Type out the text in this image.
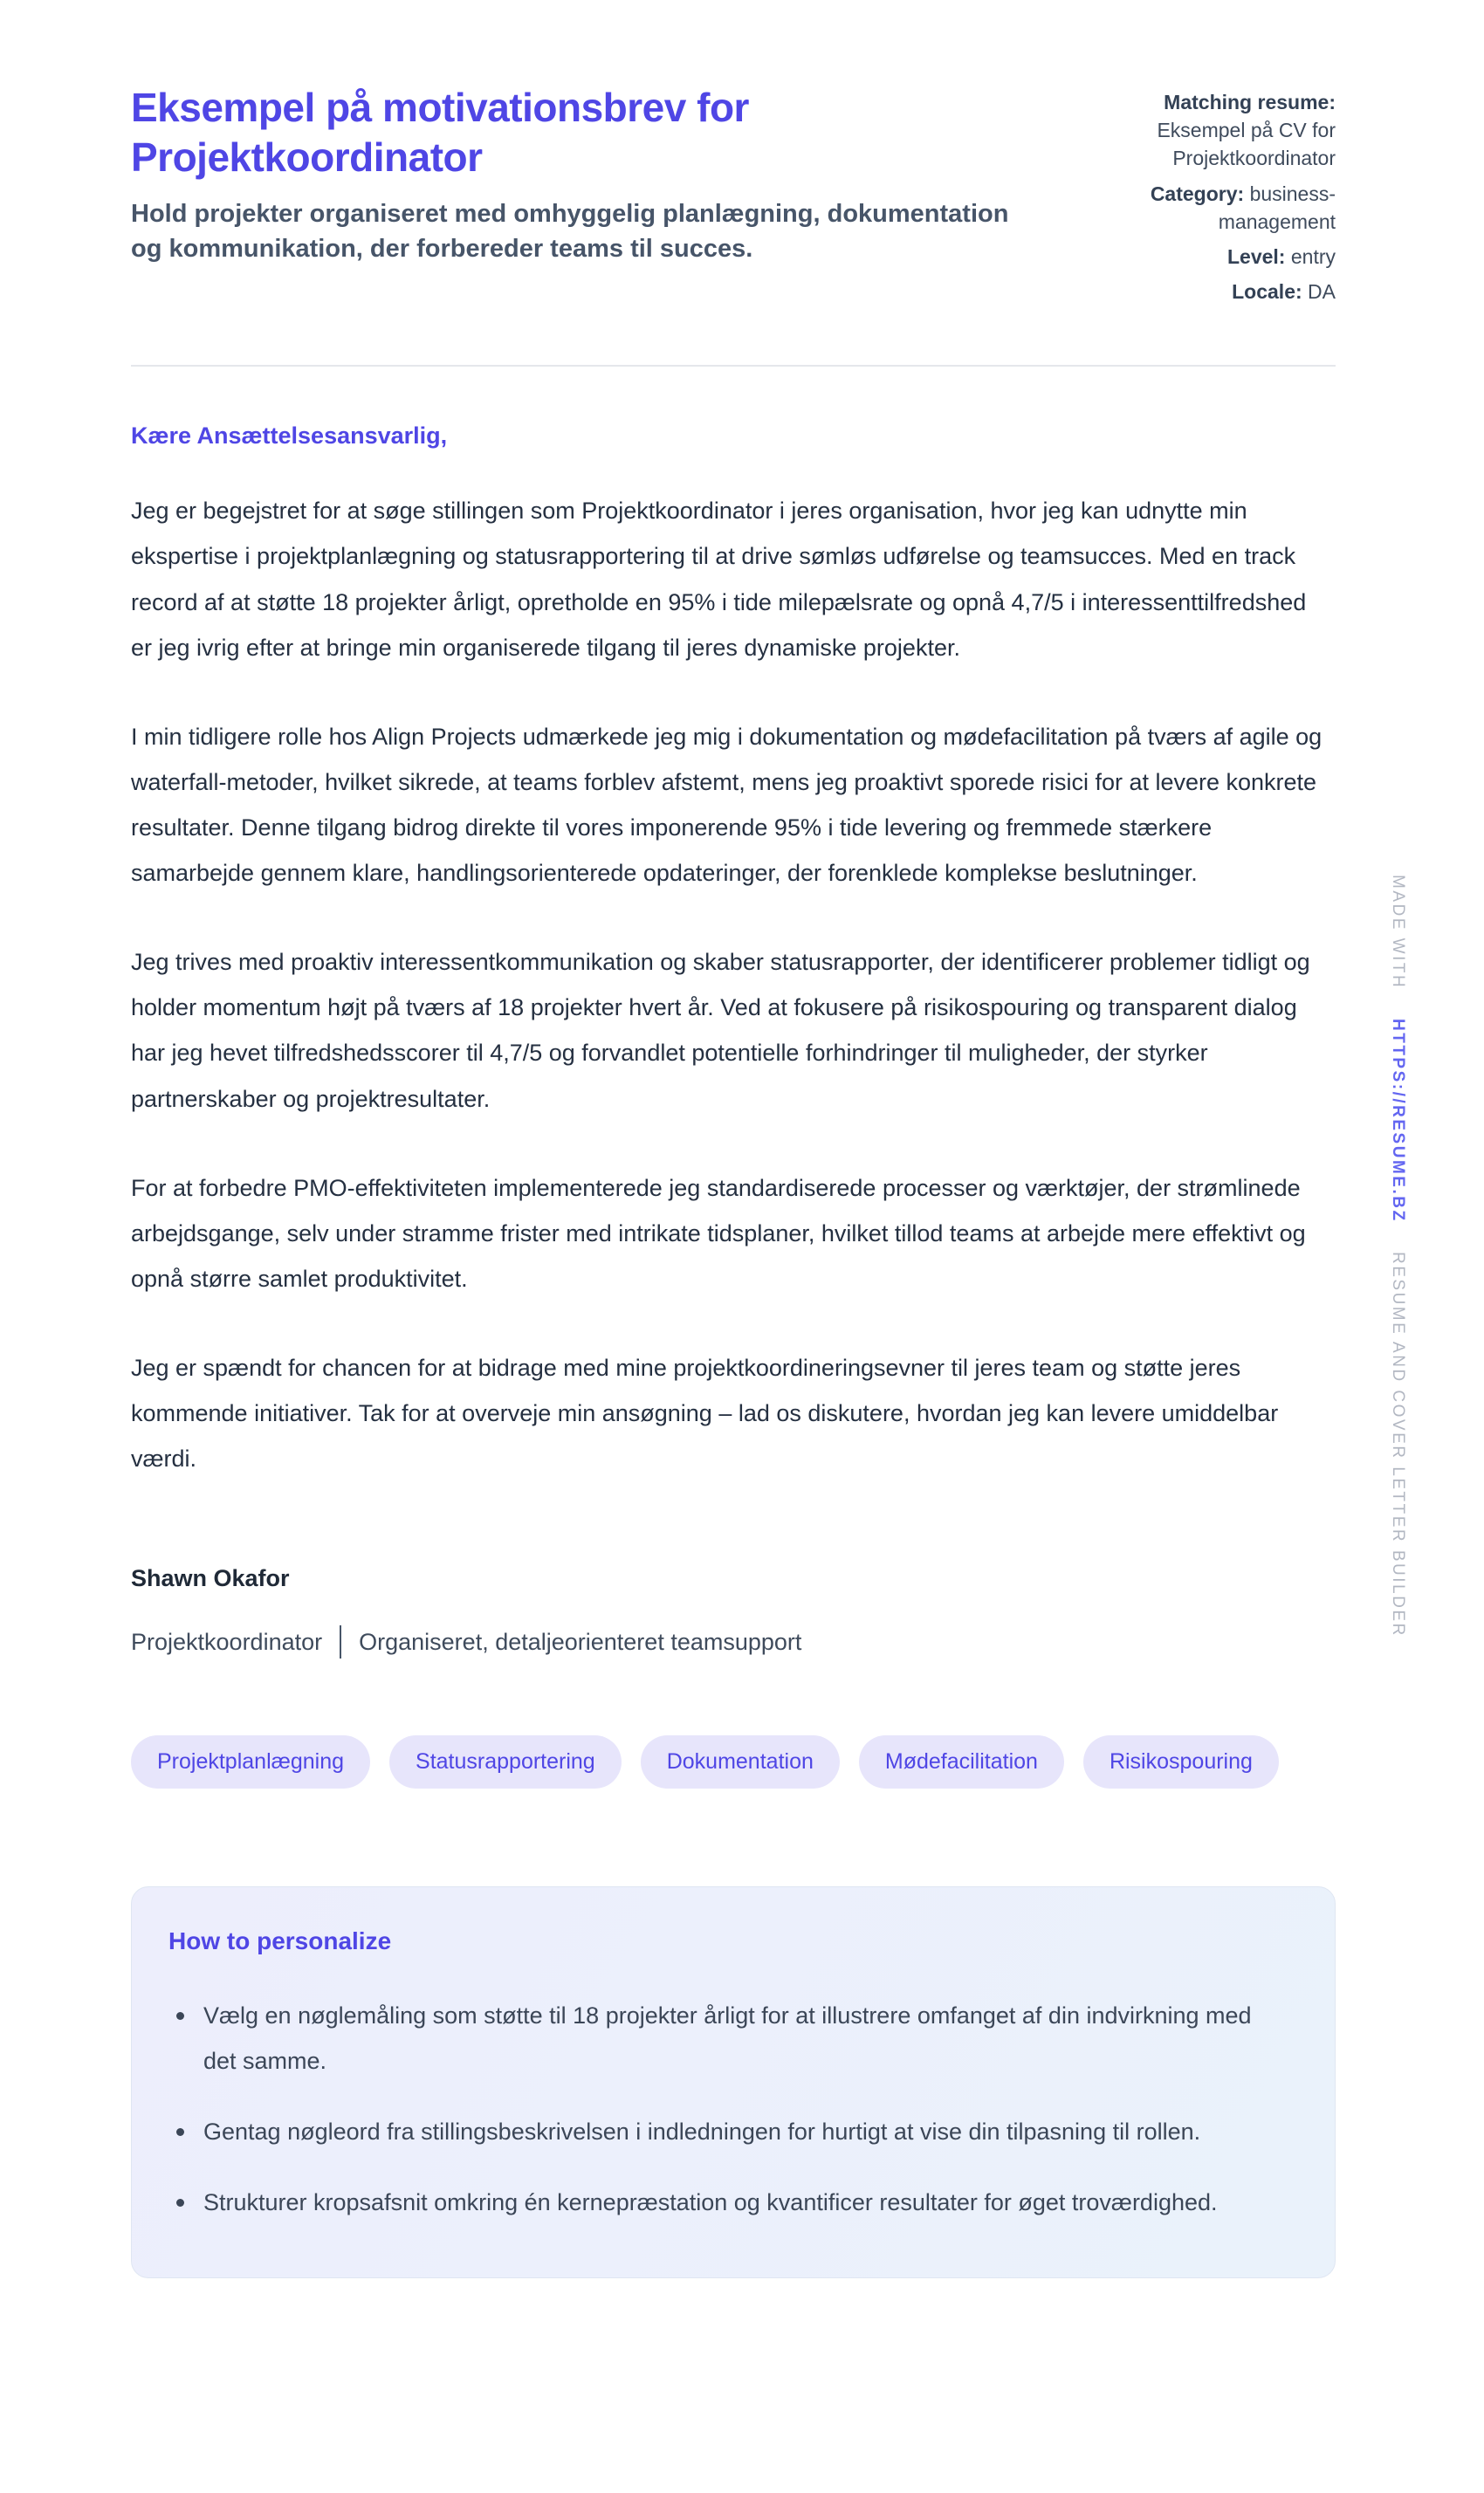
Eksempel på motivationsbrev for Projektkoordinator
Hold projekter organiseret med omhyggelig planlægning, dokumentation og kommunikation, der forbereder teams til succes.
Matching resume: Eksempel på CV for Projektkoordinator
Category: business-management
Level: entry
Locale: DA

Kære Ansættelsesansvarlig,

Jeg er begejstret for at søge stillingen som Projektkoordinator i jeres organisation, hvor jeg kan udnytte min ekspertise i projektplanlægning og statusrapportering til at drive sømløs udførelse og teamsucces. Med en track record af at støtte 18 projekter årligt, opretholde en 95% i tide milepælsrate og opnå 4,7/5 i interessenttilfredshed er jeg ivrig efter at bringe min organiserede tilgang til jeres dynamiske projekter.

I min tidligere rolle hos Align Projects udmærkede jeg mig i dokumentation og mødefacilitation på tværs af agile og waterfall-metoder, hvilket sikrede, at teams forblev afstemt, mens jeg proaktivt sporede risici for at levere konkrete resultater. Denne tilgang bidrog direkte til vores imponerende 95% i tide levering og fremmede stærkere samarbejde gennem klare, handlingsorienterede opdateringer, der forenklede komplekse beslutninger.

Jeg trives med proaktiv interessentkommunikation og skaber statusrapporter, der identificerer problemer tidligt og holder momentum højt på tværs af 18 projekter hvert år. Ved at fokusere på risikospouring og transparent dialog har jeg hevet tilfredshedsscorer til 4,7/5 og forvandlet potentielle forhindringer til muligheder, der styrker partnerskaber og projektresultater.

For at forbedre PMO-effektiviteten implementerede jeg standardiserede processer og værktøjer, der strømlinede arbejdsgange, selv under stramme frister med intrikate tidsplaner, hvilket tillod teams at arbejde mere effektivt og opnå større samlet produktivitet.

Jeg er spændt for chancen for at bidrage med mine projektkoordineringsevner til jeres team og støtte jeres kommende initiativer. Tak for at overveje min ansøgning – lad os diskutere, hvordan jeg kan levere umiddelbar værdi.

Shawn Okafor
Projektkoordinator Organiseret, detaljeorienteret teamsupport
Projektplanlægning	Statusrapportering	Dokumentation	Mødefacilitation	Risikospouring
How to personalize
Vælg en nøglemåling som støtte til 18 projekter årligt for at illustrere omfanget af din indvirkning med det samme.
Gentag nøgleord fra stillingsbeskrivelsen i indledningen for hurtigt at vise din tilpasning til rollen.
Strukturer kropsafsnit omkring én kernepræstation og kvantificer resultater for øget troværdighed.
MADE WITH HTTPS://RESUME.BZ RESUME AND COVER LETTER BUILDER
